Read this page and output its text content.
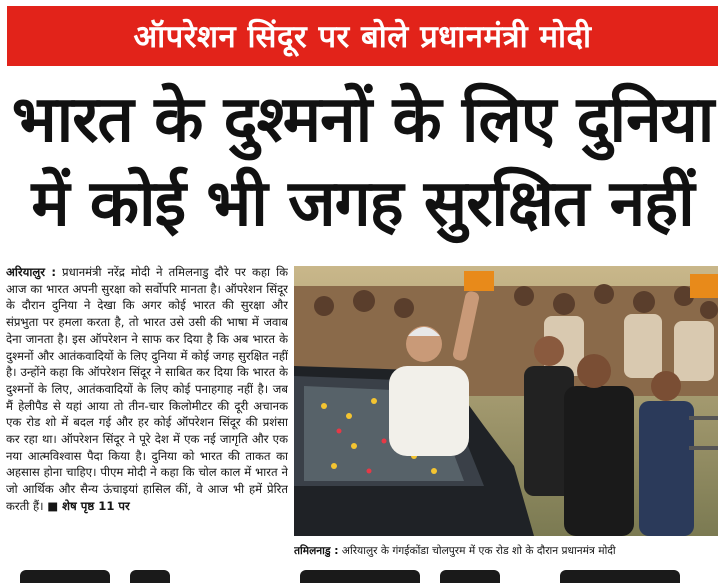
ऑपरेशन सिंदूर पर बोले प्रधानमंत्री मोदी
भारत के दुश्मनों के लिए दुनिया
में कोई भी जगह सुरक्षित नहीं
अरियालुर : प्रधानमंत्री नरेंद्र मोदी ने तमिलनाडु दौरे पर कहा कि आज का भारत अपनी सुरक्षा को सर्वोपरि मानता है। ऑपरेशन सिंदूर के दौरान दुनिया ने देखा कि अगर कोई भारत की सुरक्षा और संप्रभुता पर हमला करता है, तो भारत उसे उसी की भाषा में जवाब देना जानता है। इस ऑपरेशन ने साफ कर दिया है कि अब भारत के दुश्मनों और आतंकवादियों के लिए दुनिया में कोई जगह सुरक्षित नहीं है। उन्होंने कहा कि ऑपरेशन सिंदूर ने साबित कर दिया कि भारत के दुश्मनों के लिए, आतंकवादियों के लिए कोई पनाहगाह नहीं है। जब मैं हेलीपैड से यहां आया तो तीन-चार किलोमीटर की दूरी अचानक एक रोड शो में बदल गई और हर कोई ऑपरेशन सिंदूर की प्रशंसा कर रहा था। ऑपरेशन सिंदूर ने पूरे देश में एक नई जागृति और एक नया आत्मविश्वास पैदा किया है। दुनिया को भारत की ताकत का अहसास होना चाहिए। पीएम मोदी ने कहा कि चोल काल में भारत ने जो आर्थिक और सैन्य ऊंचाइयां हासिल कीं, वे आज भी हमें प्रेरित करती हैं। ■ शेष पृष्ठ 11 पर
तमिलनाडु : अरियालुर के गंगईकोंडा चोलपुरम में एक रोड शो के दौरान प्रधानमंत्र मोदी
